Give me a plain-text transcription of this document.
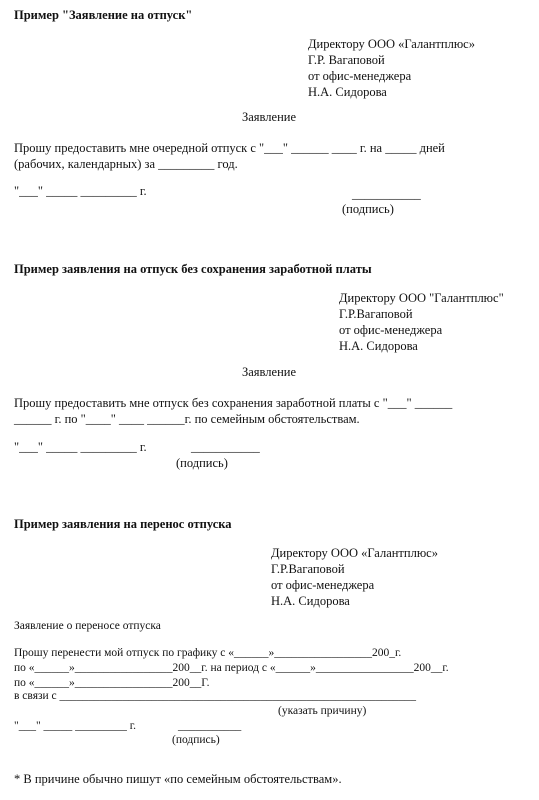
Пример "Заявление на отпуск"
Директору ООО «Галантплюс»
Г.Р. Вагаповой
от офис-менеджера
Н.А. Сидорова
Заявление
Прошу предоставить мне очередной отпуск с "___" ______ ____ г. на _____ дней
(рабочих, календарных) за _________ год.
"___" _____ _________ г.	___________
(подпись)
Пример заявления на отпуск без сохранения заработной платы
Директору ООО "Галантплюс"
Г.Р.Вагаповой
от офис-менеджера
Н.А. Сидорова
Заявление
Прошу предоставить мне отпуск без сохранения заработной платы с "___" ______
______ г. по "____" ____ ______г. по семейным обстоятельствам.
"___" _____ _________ г.	___________
(подпись)
Пример заявления на перенос отпуска
Директору ООО «Галантплюс»
Г.Р.Вагаповой
от офис-менеджера
Н.А. Сидорова
Заявление о переносе отпуска
Прошу перенести мой отпуск по графику с «______»_________________200_г.
по «______»_________________200__г. на период с «______»_________________200__г.
по «______»_________________200__Г.
в связи с ______________________________________________________________
(указать причину)
"___" _____ _________ г.	___________
(подпись)
* В причине обычно пишут «по семейным обстоятельствам».
